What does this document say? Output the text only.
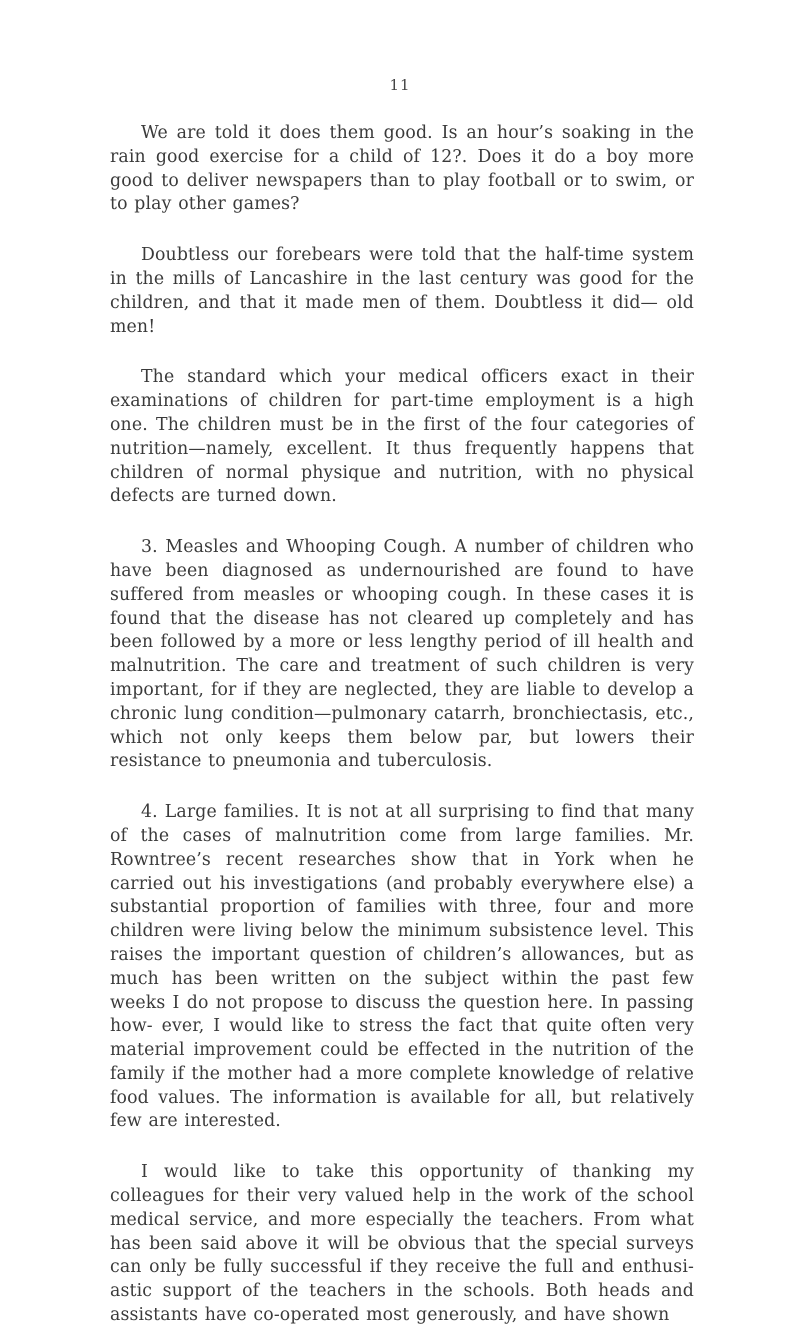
11

We are told it does them good. Is an hour’s soaking in the rain good exercise for a child of 12?. Does it do a boy more good to deliver newspapers than to play football or to swim, or to play other games?

Doubtless our forebears were told that the half-time system in the mills of Lancashire in the last century was good for the children, and that it made men of them. Doubtless it did— old men!

The standard which your medical officers exact in their examinations of children for part-time employment is a high one. The children must be in the first of the four categories of nutrition—namely, excellent. It thus frequently happens that children of normal physique and nutrition, with no physical defects are turned down.

3. Measles and Whooping Cough. A number of children who have been diagnosed as undernourished are found to have suffered from measles or whooping cough. In these cases it is found that the disease has not cleared up completely and has been followed by a more or less lengthy period of ill health and malnutrition. The care and treatment of such children is very important, for if they are neglected, they are liable to develop a chronic lung condition—pulmonary catarrh, bronchiectasis, etc., which not only keeps them below par, but lowers their resistance to pneumonia and tuberculosis.

4. Large families. It is not at all surprising to find that many of the cases of malnutrition come from large families. Mr. Rowntree’s recent researches show that in York when he carried out his investigations (and probably everywhere else) a substantial proportion of families with three, four and more children were living below the minimum subsistence level. This raises the important question of children’s allowances, but as much has been written on the subject within the past few weeks I do not propose to discuss the question here. In passing how- ever, I would like to stress the fact that quite often very material improvement could be effected in the nutrition of the family if the mother had a more complete knowledge of relative food values. The information is available for all, but relatively few are interested.

I would like to take this opportunity of thanking my colleagues for their very valued help in the work of the school medical service, and more especially the teachers. From what has been said above it will be obvious that the special surveys can only be fully successful if they receive the full and enthusi- astic support of the teachers in the schools. Both heads and assistants have co-operated most generously, and have shown
